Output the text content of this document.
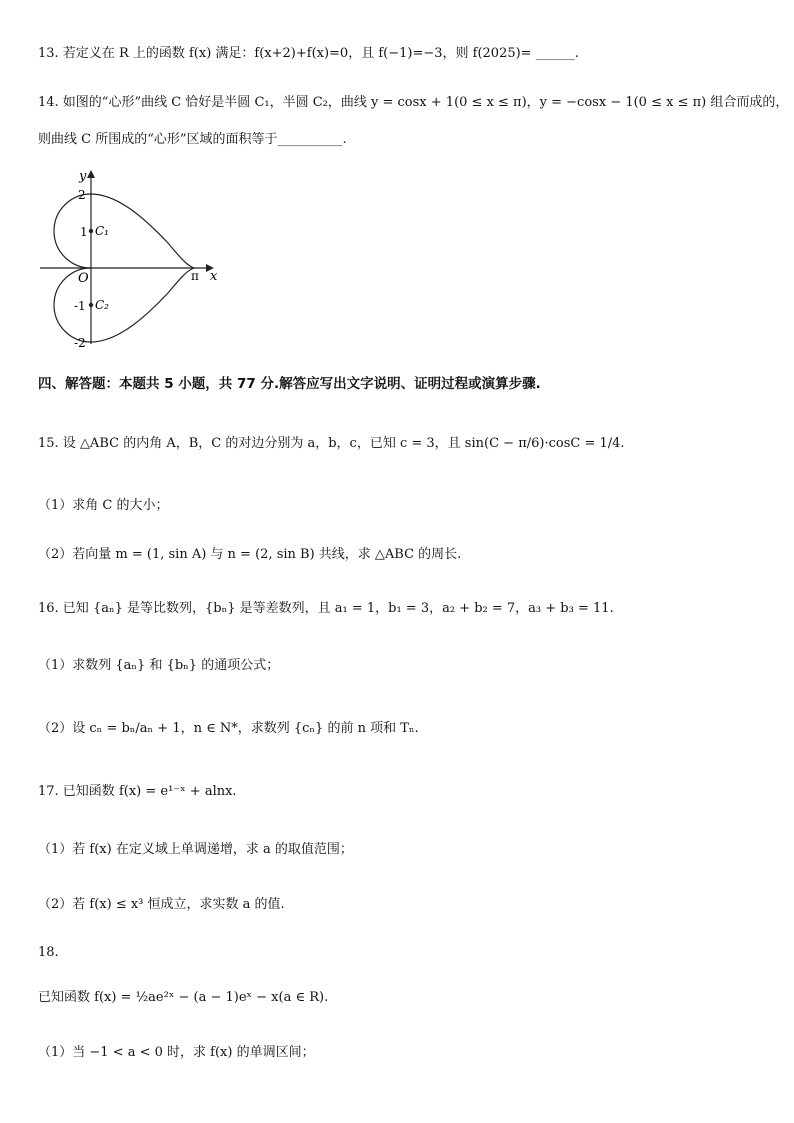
13. 若定义在 R 上的函数 f(x) 满足：f(x+2)+f(x)=0，且 f(−1)=−3，则 f(2025)= ______.
14. 如图的“心形”曲线 C 恰好是半圆 C₁，半圆 C₂，曲线 y = cosx + 1(0 ≤ x ≤ π)，y = −cosx − 1(0 ≤ x ≤ π) 组合而成的，
则曲线 C 所围成的“心形”区域的面积等于__________.
y
x
O
2
1
-1
-2
π
C₁
C₂
四、解答题：本题共 5 小题，共 77 分.解答应写出文字说明、证明过程或演算步骤.
15. 设 △ABC 的内角 A，B，C 的对边分别为 a，b，c，已知 c = 3，且 sin(C − π/6)·cosC = 1/4.
（1）求角 C 的大小；
（2）若向量 m = (1, sin A) 与 n = (2, sin B) 共线，求 △ABC 的周长.
16. 已知 {aₙ} 是等比数列，{bₙ} 是等差数列，且 a₁ = 1，b₁ = 3，a₂ + b₂ = 7，a₃ + b₃ = 11.
（1）求数列 {aₙ} 和 {bₙ} 的通项公式；
（2）设 cₙ = bₙ/aₙ + 1，n ∈ N*，求数列 {cₙ} 的前 n 项和 Tₙ.
17. 已知函数 f(x) = e¹⁻ˣ + alnx.
（1）若 f(x) 在定义域上单调递增，求 a 的取值范围；
（2）若 f(x) ≤ x³ 恒成立，求实数 a 的值.
18.
已知函数 f(x) = ½ae²ˣ − (a − 1)eˣ − x(a ∈ R).
（1）当 −1 < a < 0 时，求 f(x) 的单调区间；
